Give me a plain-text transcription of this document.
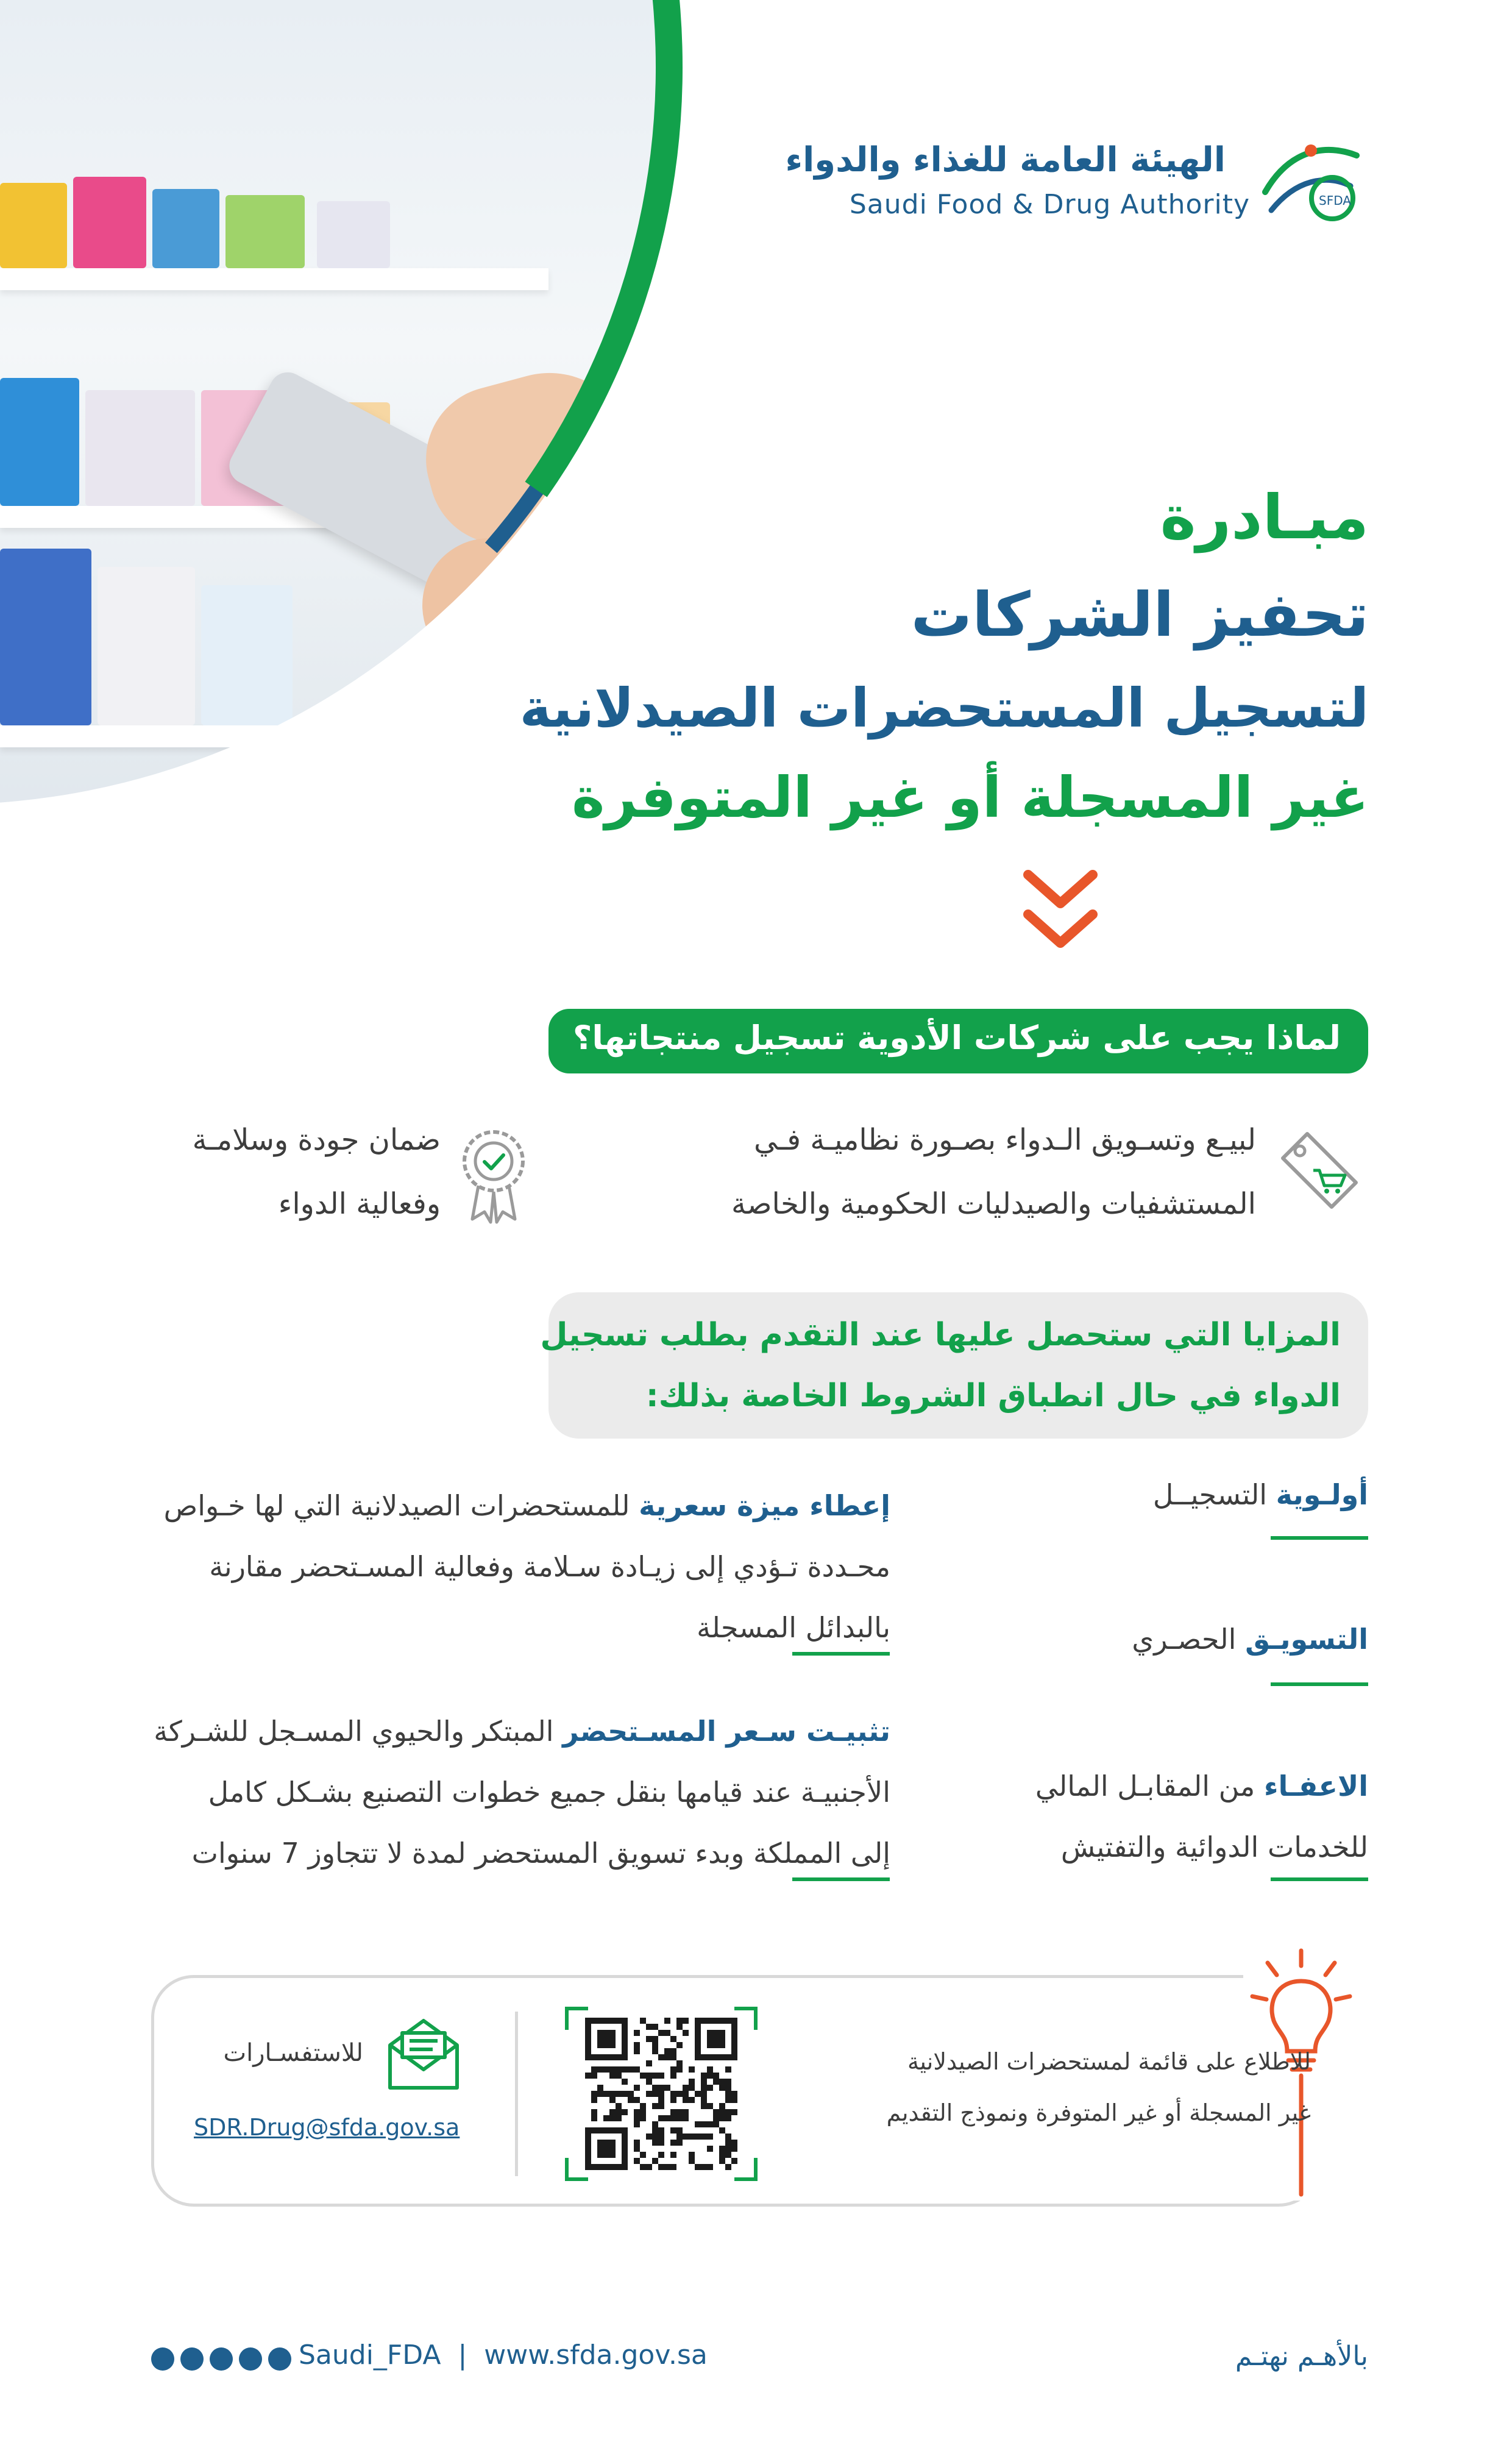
SFDA
الهيئة العامة للغذاء والدواء
Saudi Food & Drug Authority
مبـادرة
تحفيز الشركات
لتسجيل المستحضرات الصيدلانية
غير المسجلة أو غير المتوفرة
لماذا يجب على شركات الأدوية تسجيل منتجاتها؟
لبيـع وتسـويق الـدواء بصـورة نظاميـة فـي
المستشفيات والصيدليات الحكومية والخاصة
ضمان جودة وسلامـة
وفعالية الدواء
المزايا التي ستحصل عليها عند التقدم بطلب تسجيل
الدواء في حال انطباق الشروط الخاصة بذلك:
أولـوية التسجيــل
التسويـق الحصـري
الاعفـاء من المقابـل المالي
للخدمات الدوائية والتفتيش
إعطاء ميزة سعرية للمستحضرات الصيدلانية التي لها خـواص
محـددة تـؤدي إلى زيـادة سـلامة وفعالية المسـتحضر مقارنة
بالبدائل المسجلة
تثبيـت سـعر المسـتحضر المبتكر والحيوي المسـجل للشـركة
الأجنبيـة عند قيامها بنقل جميع خطوات التصنيع بشـكل كامل
إلى المملكة وبدء تسويق المستحضر لمدة لا تتجاوز 7 سنوات
للاطلاع على قائمة لمستحضرات الصيدلانية
غير المسجلة أو غير المتوفرة ونموذج التقديم
للاستفسـارات
SDR.Drug@sfda.gov.sa
Saudi_FDA | www.sfda.gov.sa	بالأهـم نهتـم
